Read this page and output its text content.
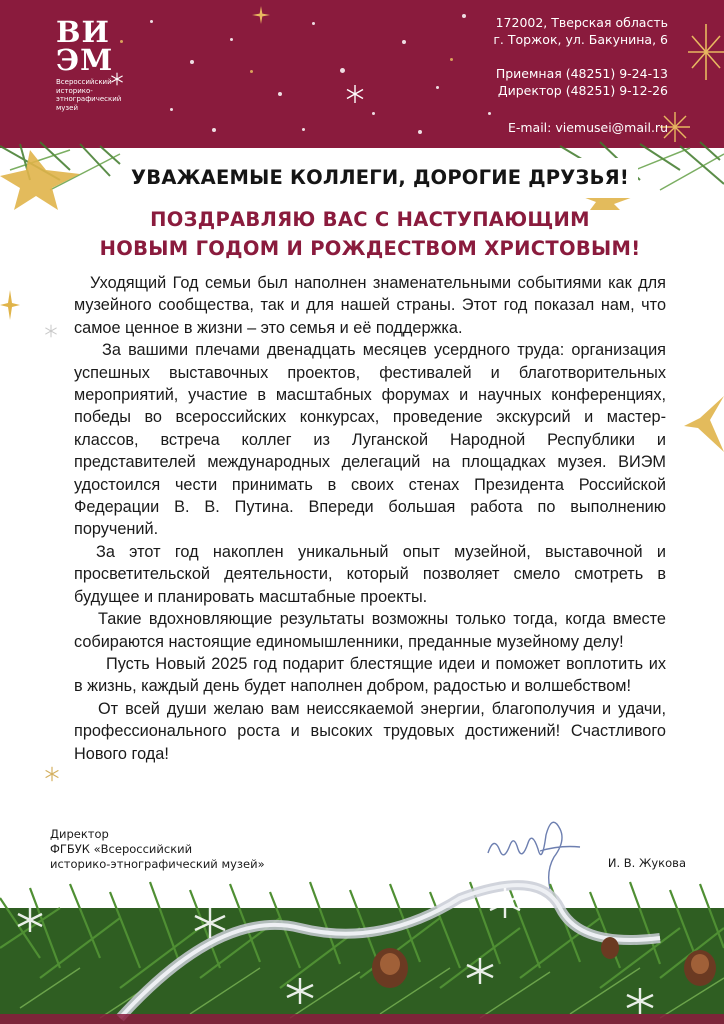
ВИ
ЭМ
Всероссийский
историко-
этнографический
музей
172002, Тверская область
г. Торжок, ул. Бакунина, 6
Приемная (48251) 9-24-13
Директор (48251) 9-12-26
E-mail: viemusei@mail.ru
УВАЖАЕМЫЕ КОЛЛЕГИ, ДОРОГИЕ ДРУЗЬЯ!
ПОЗДРАВЛЯЮ ВАС С НАСТУПАЮЩИМ
НОВЫМ ГОДОМ И РОЖДЕСТВОМ ХРИСТОВЫМ!

Уходящий Год семьи был наполнен знаменательными событиями как для музейного сообщества, так и для нашей страны. Этот год показал нам, что самое ценное в жизни – это семья и её поддержка.

За вашими плечами двенадцать месяцев усердного труда: организация успешных выставочных проектов, фестивалей и благотворительных мероприятий, участие в масштабных форумах и научных конференциях, победы во всероссийских конкурсах, проведение экскурсий и мастер-классов, встреча коллег из Луганской Народной Республики и представителей международных делегаций на площадках музея. ВИЭМ удостоился чести принимать в своих стенах Президента Российской Федерации В. В. Путина. Впереди большая работа по выполнению поручений.

За этот год накоплен уникальный опыт музейной, выставочной и просветительской деятельности, который позволяет смело смотреть в будущее и планировать масштабные проекты.

Такие вдохновляющие результаты возможны только тогда, когда вместе собираются настоящие единомышленники, преданные музейному делу!

Пусть Новый 2025 год подарит блестящие идеи и поможет воплотить их в жизнь, каждый день будет наполнен добром, радостью и волшебством!

От всей души желаю вам неиссякаемой энергии, благополучия и удачи, профессионального роста и высоких трудовых достижений! Счастливого Нового года!

Директор
ФГБУК «Всероссийский
историко-этнографический музей»	И. В. Жукова
